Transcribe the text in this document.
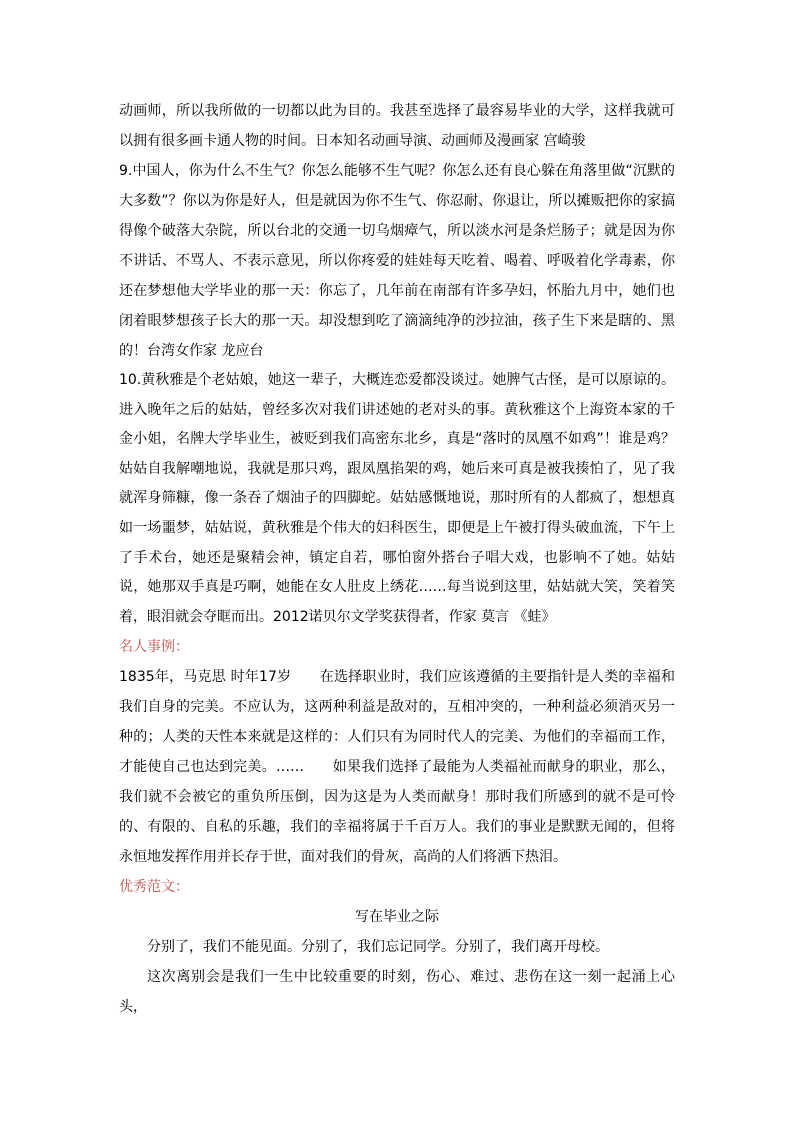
动画师，所以我所做的一切都以此为目的。我甚至选择了最容易毕业的大学，这样我就可以拥有很多画卡通人物的时间。日本知名动画导演、动画师及漫画家 宫崎骏

9.中国人，你为什么不生气？你怎么能够不生气呢？你怎么还有良心躲在角落里做“沉默的大多数”？你以为你是好人，但是就因为你不生气、你忍耐、你退让，所以摊贩把你的家搞得像个破落大杂院，所以台北的交通一切乌烟瘴气，所以淡水河是条烂肠子；就是因为你不讲话、不骂人、不表示意见，所以你疼爱的娃娃每天吃着、喝着、呼吸着化学毒素，你还在梦想他大学毕业的那一天：你忘了，几年前在南部有许多孕妇，怀胎九月中，她们也闭着眼梦想孩子长大的那一天。却没想到吃了滴滴纯净的沙拉油，孩子生下来是瞎的、黑的！台湾女作家 龙应台

10.黄秋雅是个老姑娘，她这一辈子，大概连恋爱都没谈过。她脾气古怪，是可以原谅的。进入晚年之后的姑姑，曾经多次对我们讲述她的老对头的事。黄秋雅这个上海资本家的千金小姐，名牌大学毕业生，被贬到我们高密东北乡，真是“落时的凤凰不如鸡”！谁是鸡？姑姑自我解嘲地说，我就是那只鸡，跟凤凰掐架的鸡，她后来可真是被我揍怕了，见了我就浑身筛糠，像一条吞了烟油子的四脚蛇。姑姑感慨地说，那时所有的人都疯了，想想真如一场噩梦，姑姑说，黄秋雅是个伟大的妇科医生，即便是上午被打得头破血流，下午上了手术台，她还是聚精会神，镇定自若，哪怕窗外搭台子唱大戏，也影响不了她。姑姑说，她那双手真是巧啊，她能在女人肚皮上绣花……每当说到这里，姑姑就大笑，笑着笑着，眼泪就会夺眶而出。2012诺贝尔文学奖获得者，作家 莫言 《蛙》

名人事例：

1835年，马克思 时年17岁　　在选择职业时，我们应该遵循的主要指针是人类的幸福和我们自身的完美。不应认为，这两种利益是敌对的，互相冲突的，一种利益必须消灭另一种的；人类的天性本来就是这样的：人们只有为同时代人的完美、为他们的幸福而工作，才能使自己也达到完美。……　　如果我们选择了最能为人类福祉而献身的职业，那么，我们就不会被它的重负所压倒，因为这是为人类而献身！那时我们所感到的就不是可怜的、有限的、自私的乐趣，我们的幸福将属于千百万人。我们的事业是默默无闻的，但将永恒地发挥作用并长存于世，面对我们的骨灰，高尚的人们将洒下热泪。

优秀范文：

写在毕业之际

分别了，我们不能见面。分别了，我们忘记同学。分别了，我们离开母校。

这次离别会是我们一生中比较重要的时刻，伤心、难过、悲伤在这一刻一起涌上心头，
